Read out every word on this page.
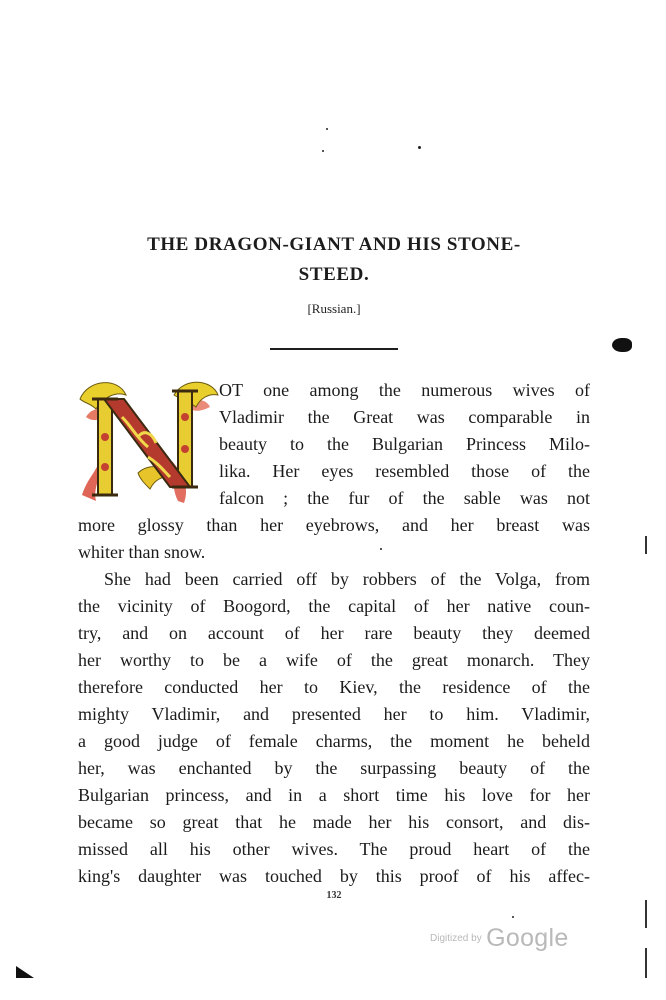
THE DRAGON-GIANT AND HIS STONE-
STEED.
[Russian.]
OT one among the numerous wives of
Vladimir the Great was comparable in
beauty to the Bulgarian Princess Milo-
lika. Her eyes resembled those of the
falcon ; the fur of the sable was not
more glossy than her eyebrows, and her breast was
whiter than snow.
She had been carried off by robbers of the Volga, from
the vicinity of Boogord, the capital of her native coun-
try, and on account of her rare beauty they deemed
her worthy to be a wife of the great monarch. They
therefore conducted her to Kiev, the residence of the
mighty Vladimir, and presented her to him. Vladimir,
a good judge of female charms, the moment he beheld
her, was enchanted by the surpassing beauty of the
Bulgarian princess, and in a short time his love for her
became so great that he made her his consort, and dis-
missed all his other wives. The proud heart of the
king's daughter was touched by this proof of his affec-
132
Digitized by Google
